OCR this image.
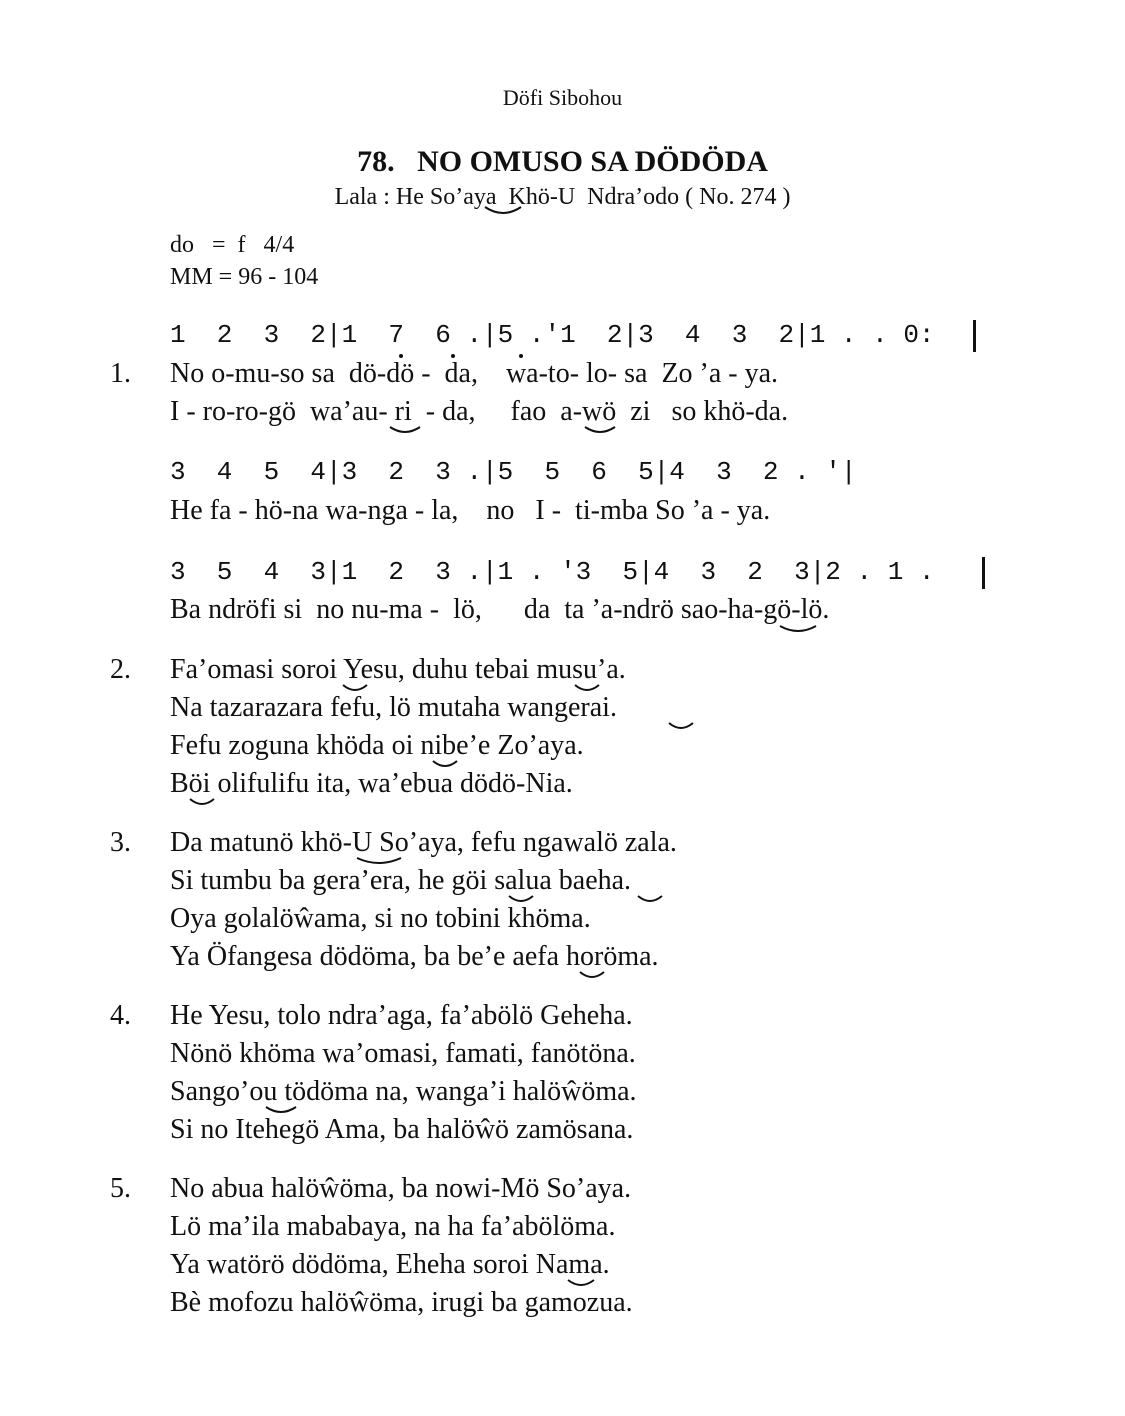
Döfi Sibohou
78.   NO OMUSO SA DÖDÖDA
Lala : He So’aya  Khö-U  Ndra’odo ( No. 274 )
do   =  f   4/4
MM = 96 - 104
1  2  3  2|1  7  6 .|5 .'1  2|3  4  3  2|1 . . 0:
1. No o-mu-so sa  dö-dö -  da,    wa-to- lo- sa  Zo ’a - ya.
I - ro-ro-gö  wa’au- ri  - da,     fao  a-wö  zi   so khö-da.
3  4  5  4|3  2  3 .|5  5  6  5|4  3  2 . '|
He fa - hö-na wa-nga - la,    no   I -  ti-mba So ’a - ya.
3  5  4  3|1  2  3 .|1 . '3  5|4  3  2  3|2 . 1 .
Ba ndröfi si  no nu-ma -  lö,      da  ta ’a-ndrö sao-ha-gö-lö.
2. Fa’omasi soroi Yesu, duhu tebai musu’a.
Na tazarazara fefu, lö mutaha wangerai.
Fefu zoguna khöda oi nibe’e Zo’aya.
Böi olifulifu ita, wa’ebua dödö-Nia.
3. Da matunö khö-U So’aya, fefu ngawalö zala.
Si tumbu ba gera’era, he göi salua baeha.
Oya golalöŵama, si no tobini khöma.
Ya Öfangesa dödöma, ba be’e aefa horöma.
4. He Yesu, tolo ndra’aga, fa’abölö Geheha.
Nönö khöma wa’omasi, famati, fanötöna.
Sango’ou tödöma na, wanga’i halöŵöma.
Si no Itehegö Ama, ba halöŵö zamösana.
5. No abua halöŵöma, ba nowi-Mö So’aya.
Lö ma’ila mababaya, na ha fa’abölöma.
Ya watörö dödöma, Eheha soroi Nama.
Bè mofozu halöŵöma, irugi ba gamozua.
